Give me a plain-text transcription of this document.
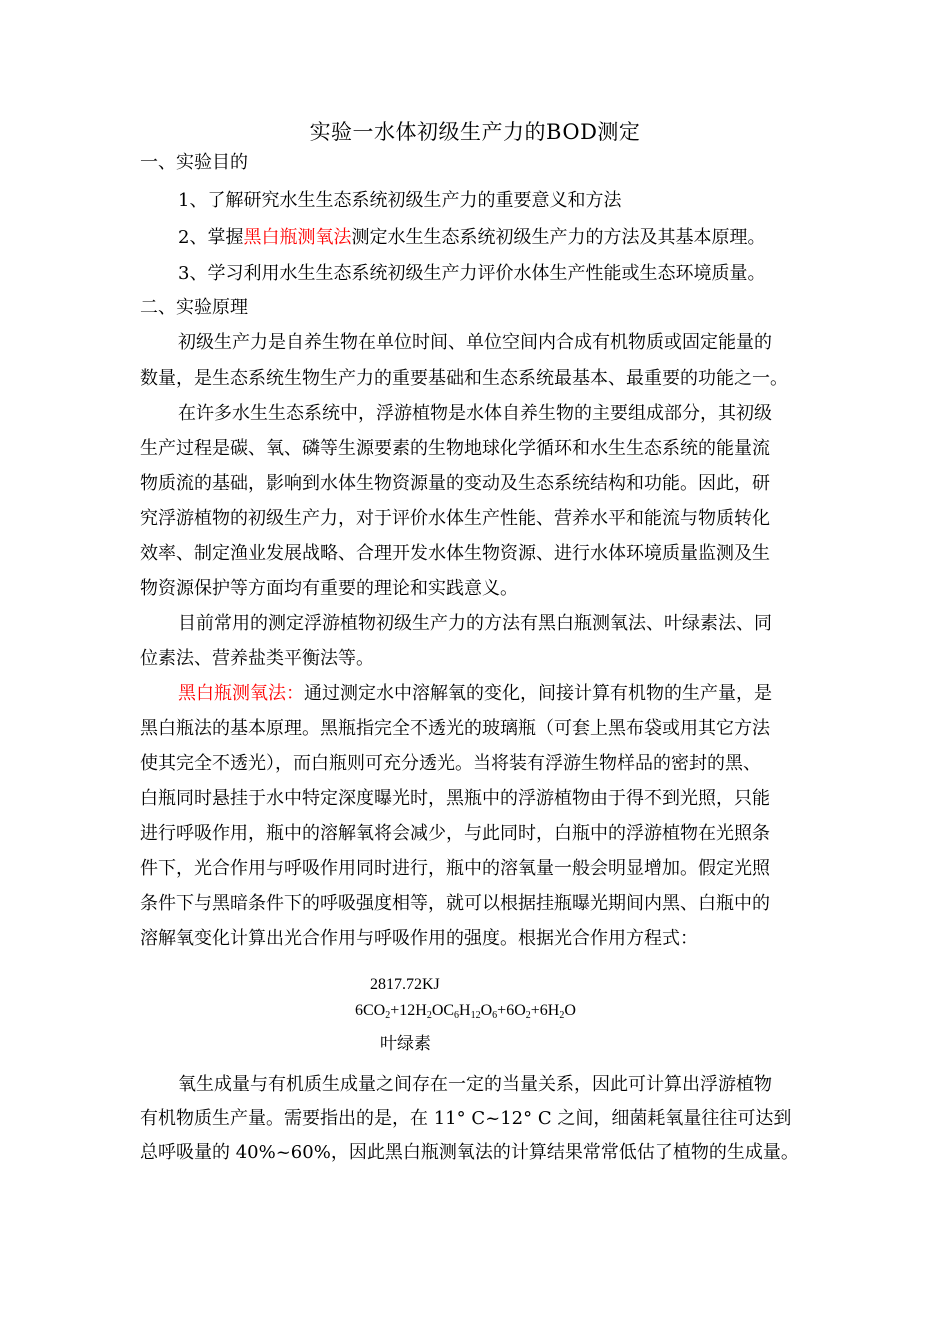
实验一水体初级生产力的BOD测定
一、实验目的
1、了解研究水生生态系统初级生产力的重要意义和方法
2、掌握黑白瓶测氧法测定水生生态系统初级生产力的方法及其基本原理。
3、学习利用水生生态系统初级生产力评价水体生产性能或生态环境质量。
二、实验原理
初级生产力是自养生物在单位时间、单位空间内合成有机物质或固定能量的
数量，是生态系统生物生产力的重要基础和生态系统最基本、最重要的功能之一。
在许多水生生态系统中，浮游植物是水体自养生物的主要组成部分，其初级
生产过程是碳、氧、磷等生源要素的生物地球化学循环和水生生态系统的能量流
物质流的基础，影响到水体生物资源量的变动及生态系统结构和功能。因此，研
究浮游植物的初级生产力，对于评价水体生产性能、营养水平和能流与物质转化
效率、制定渔业发展战略、合理开发水体生物资源、进行水体环境质量监测及生
物资源保护等方面均有重要的理论和实践意义。
目前常用的测定浮游植物初级生产力的方法有黑白瓶测氧法、叶绿素法、同
位素法、营养盐类平衡法等。
黑白瓶测氧法：通过测定水中溶解氧的变化，间接计算有机物的生产量，是
黑白瓶法的基本原理。黑瓶指完全不透光的玻璃瓶（可套上黑布袋或用其它方法
使其完全不透光），而白瓶则可充分透光。当将装有浮游生物样品的密封的黑、
白瓶同时悬挂于水中特定深度曝光时，黑瓶中的浮游植物由于得不到光照，只能
进行呼吸作用，瓶中的溶解氧将会减少，与此同时，白瓶中的浮游植物在光照条
件下，光合作用与呼吸作用同时进行，瓶中的溶氧量一般会明显增加。假定光照
条件下与黑暗条件下的呼吸强度相等，就可以根据挂瓶曝光期间内黑、白瓶中的
溶解氧变化计算出光合作用与呼吸作用的强度。根据光合作用方程式：
2817.72KJ
$6CO_2+12H_2OC_6H_{12}O_6+6O_2+6H_2O$
叶绿素
氧生成量与有机质生成量之间存在一定的当量关系，因此可计算出浮游植物
有机物质生产量。需要指出的是，在 11° C~12° C 之间，细菌耗氧量往往可达到
总呼吸量的 40%~60%，因此黑白瓶测氧法的计算结果常常低估了植物的生成量。
